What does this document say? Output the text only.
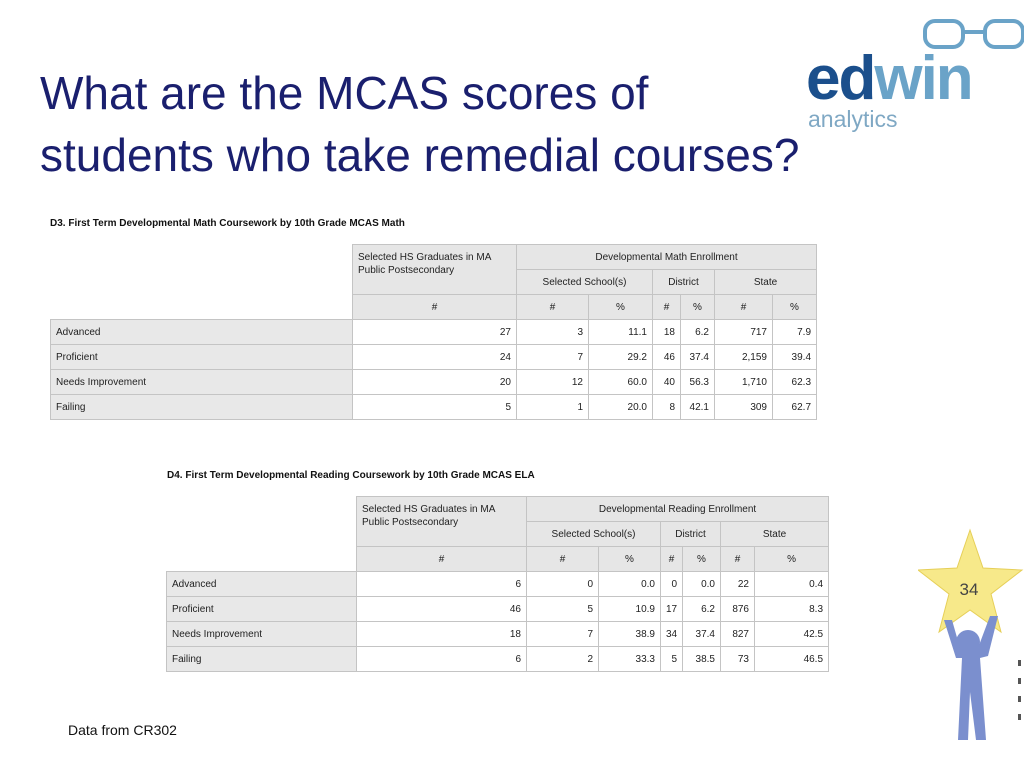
What are the MCAS scores of
students who take remedial courses?
edwin
analytics
D3. First Term Developmental Math Coursework by 10th Grade MCAS Math
	Selected HS Graduates in MA Public Postsecondary	Developmental Math Enrollment					
		Selected School(s)		District		State	
	#	#	%	#	%	#	%
Advanced	27	3	11.1	18	6.2	717	7.9
Proficient	24	7	29.2	46	37.4	2,159	39.4
Needs Improvement	20	12	60.0	40	56.3	1,710	62.3
Failing	5	1	20.0	8	42.1	309	62.7
D4. First Term Developmental Reading Coursework by 10th Grade MCAS ELA
	Selected HS Graduates in MA Public Postsecondary	Developmental Reading Enrollment					
		Selected School(s)		District		State	
	#	#	%	#	%	#	%
Advanced	6	0	0.0	0	0.0	22	0.4
Proficient	46	5	10.9	17	6.2	876	8.3
Needs Improvement	18	7	38.9	34	37.4	827	42.5
Failing	6	2	33.3	5	38.5	73	46.5
Data from CR302
34
